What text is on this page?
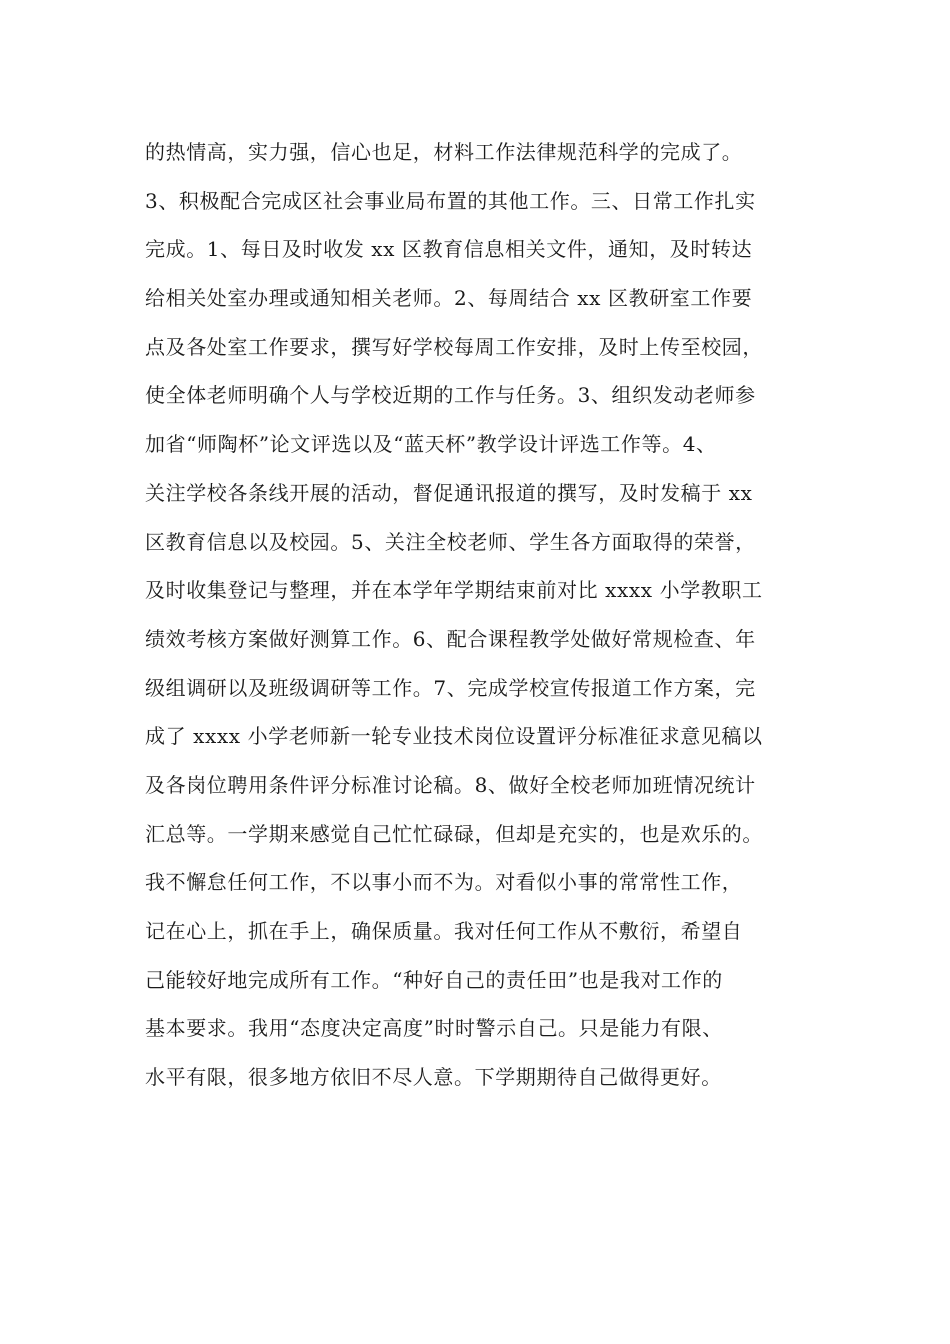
的热情高，实力强，信心也足，材料工作法律规范科学的完成了。
3、积极配合完成区社会事业局布置的其他工作。三、日常工作扎实
完成。1、每日及时收发 xx 区教育信息相关文件，通知，及时转达
给相关处室办理或通知相关老师。2、每周结合 xx 区教研室工作要
点及各处室工作要求，撰写好学校每周工作安排，及时上传至校园，
使全体老师明确个人与学校近期的工作与任务。3、组织发动老师参
加省“师陶杯”论文评选以及“蓝天杯”教学设计评选工作等。4、
关注学校各条线开展的活动，督促通讯报道的撰写，及时发稿于 xx
区教育信息以及校园。5、关注全校老师、学生各方面取得的荣誉，
及时收集登记与整理，并在本学年学期结束前对比 xxxx 小学教职工
绩效考核方案做好测算工作。6、配合课程教学处做好常规检查、年
级组调研以及班级调研等工作。7、完成学校宣传报道工作方案，完
成了 xxxx 小学老师新一轮专业技术岗位设置评分标准征求意见稿以
及各岗位聘用条件评分标准讨论稿。8、做好全校老师加班情况统计
汇总等。一学期来感觉自己忙忙碌碌，但却是充实的，也是欢乐的。
我不懈怠任何工作，不以事小而不为。对看似小事的常常性工作，
记在心上，抓在手上，确保质量。我对任何工作从不敷衍，希望自
己能较好地完成所有工作。“种好自己的责任田”也是我对工作的
基本要求。我用“态度决定高度”时时警示自己。只是能力有限、
水平有限，很多地方依旧不尽人意。下学期期待自己做得更好。
